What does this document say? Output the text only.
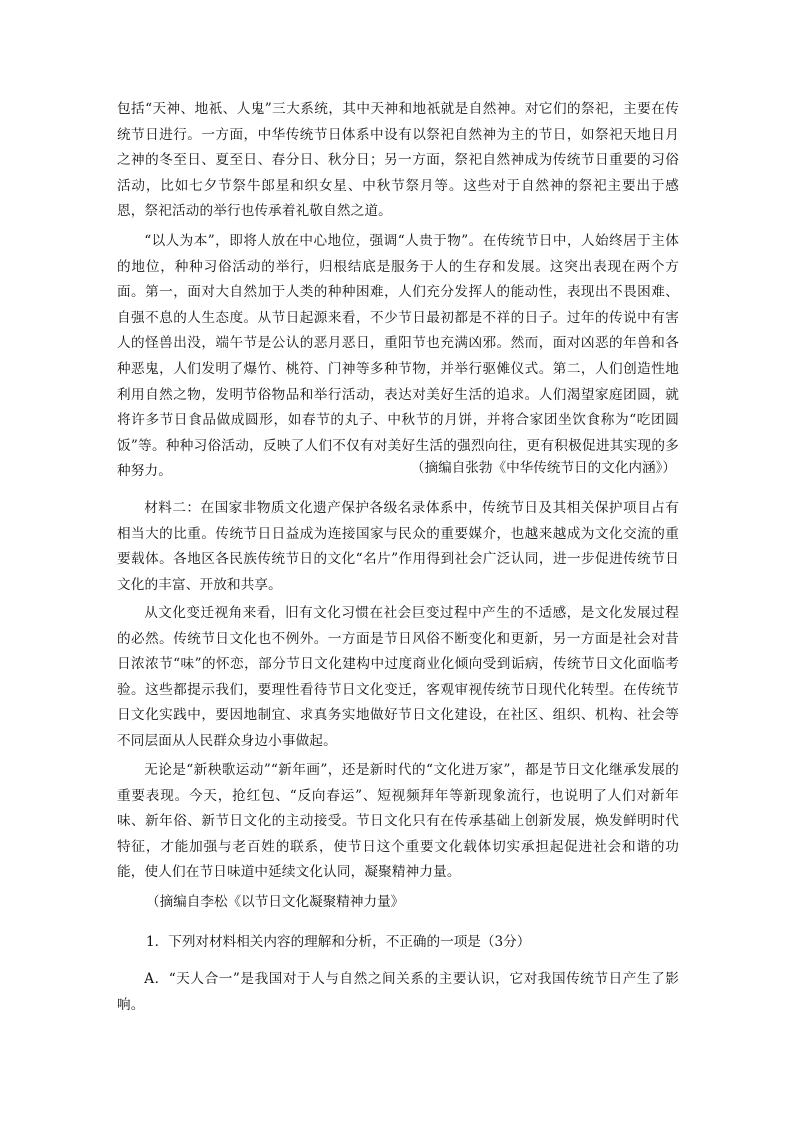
包括“天神、地祇、人鬼”三大系统，其中天神和地祇就是自然神。对它们的祭祀，主要在传统节日进行。一方面，中华传统节日体系中设有以祭祀自然神为主的节日，如祭祀天地日月之神的冬至日、夏至日、春分日、秋分日；另一方面，祭祀自然神成为传统节日重要的习俗活动，比如七夕节祭牛郎星和织女星、中秋节祭月等。这些对于自然神的祭祀主要出于感恩，祭祀活动的举行也传承着礼敬自然之道。

“以人为本”，即将人放在中心地位，强调“人贵于物”。在传统节日中，人始终居于主体的地位，种种习俗活动的举行，归根结底是服务于人的生存和发展。这突出表现在两个方面。第一，面对大自然加于人类的种种困难，人们充分发挥人的能动性，表现出不畏困难、自强不息的人生态度。从节日起源来看，不少节日最初都是不祥的日子。过年的传说中有害人的怪兽出没，端午节是公认的恶月恶日，重阳节也充满凶邪。然而，面对凶恶的年兽和各种恶鬼，人们发明了爆竹、桃符、门神等多种节物，并举行驱傩仪式。第二，人们创造性地利用自然之物，发明节俗物品和举行活动，表达对美好生活的追求。人们渴望家庭团圆，就将许多节日食品做成圆形，如春节的丸子、中秋节的月饼，并将合家团坐饮食称为“吃团圆饭”等。种种习俗活动，反映了人们不仅有对美好生活的强烈向往，更有积极促进其实现的多种努力。	（摘编自张勃《中华传统节日的文化内涵》）

材料二：在国家非物质文化遗产保护各级名录体系中，传统节日及其相关保护项目占有相当大的比重。传统节日日益成为连接国家与民众的重要媒介，也越来越成为文化交流的重要载体。各地区各民族传统节日的文化“名片”作用得到社会广泛认同，进一步促进传统节日文化的丰富、开放和共享。

从文化变迁视角来看，旧有文化习惯在社会巨变过程中产生的不适感，是文化发展过程的必然。传统节日文化也不例外。一方面是节日风俗不断变化和更新，另一方面是社会对昔日浓浓节“味”的怀恋，部分节日文化建构中过度商业化倾向受到诟病，传统节日文化面临考验。这些都提示我们，要理性看待节日文化变迁，客观审视传统节日现代化转型。在传统节日文化实践中，要因地制宜、求真务实地做好节日文化建设，在社区、组织、机构、社会等不同层面从人民群众身边小事做起。

无论是“新秧歌运动”“新年画”，还是新时代的“文化进万家”，都是节日文化继承发展的重要表现。今天，抢红包、“反向春运”、短视频拜年等新现象流行，也说明了人们对新年味、新年俗、新节日文化的主动接受。节日文化只有在传承基础上创新发展，焕发鲜明时代特征，才能加强与老百姓的联系，使节日这个重要文化载体切实承担起促进社会和谐的功能，使人们在节日味道中延续文化认同，凝聚精神力量。

（摘编自李松《以节日文化凝聚精神力量》
1．下列对材料相关内容的理解和分析，不正确的一项是（3分）

A．“天人合一”是我国对于人与自然之间关系的主要认识，它对我国传统节日产生了影响。
